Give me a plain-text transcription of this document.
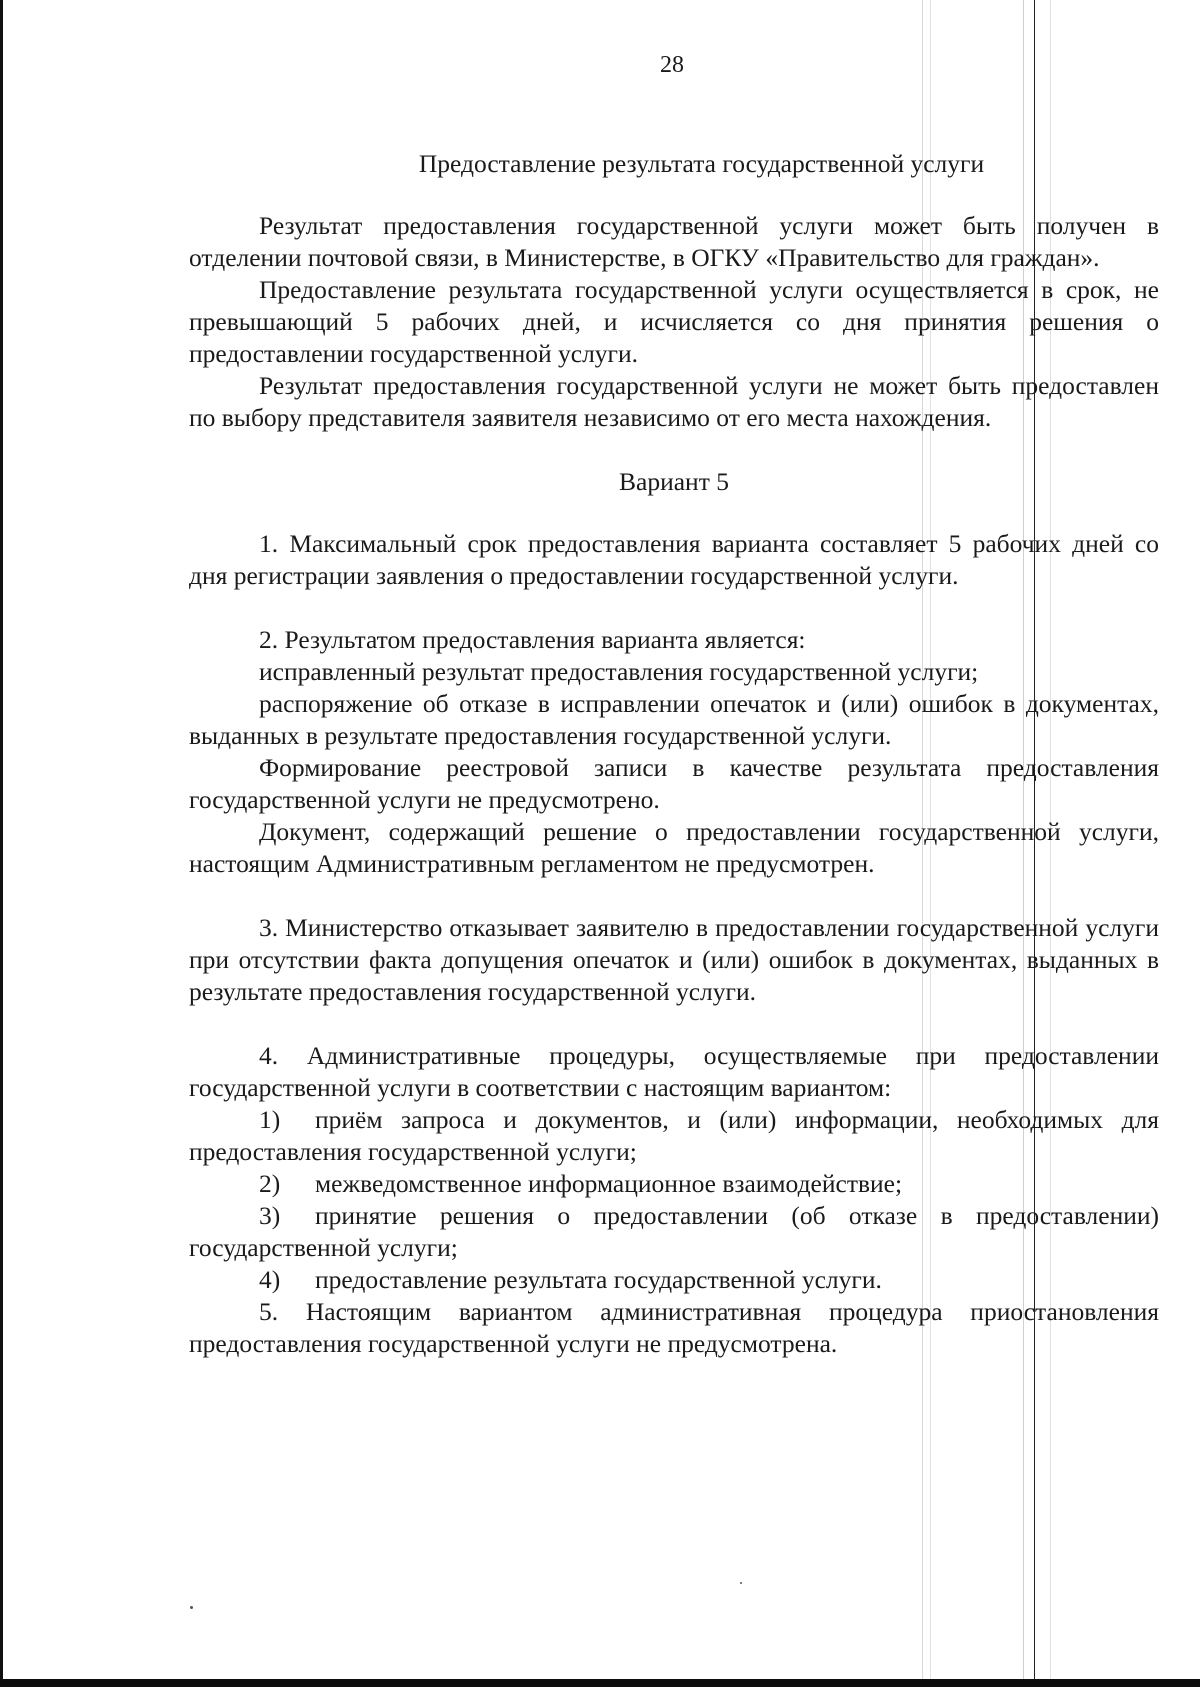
28
Предоставление результата государственной услуги

Результат предоставления государственной услуги может быть получен в отделении почтовой связи, в Министерстве, в ОГКУ «Правительство для граждан».

Предоставление результата государственной услуги осуществляется в срок, не превышающий 5 рабочих дней, и исчисляется со дня принятия решения о предоставлении государственной услуги.

Результат предоставления государственной услуги не может быть предоставлен по выбору представителя заявителя независимо от его места нахождения.

Вариант 5

1. Максимальный срок предоставления варианта составляет 5 рабочих дней со дня регистрации заявления о предоставлении государственной услуги.

2. Результатом предоставления варианта является:

исправленный результат предоставления государственной услуги;

распоряжение об отказе в исправлении опечаток и (или) ошибок в документах, выданных в результате предоставления государственной услуги.

Формирование реестровой записи в качестве результата предоставления государственной услуги не предусмотрено.

Документ, содержащий решение о предоставлении государственной услуги, настоящим Административным регламентом не предусмотрен.

3. Министерство отказывает заявителю в предоставлении государственной услуги при отсутствии факта допущения опечаток и (или) ошибок в документах, выданных в результате предоставления государственной услуги.

4. Административные процедуры, осуществляемые при предоставлении государственной услуги в соответствии с настоящим вариантом:

1) приём запроса и документов, и (или) информации, необходимых для предоставления государственной услуги;

2) межведомственное информационное взаимодействие;

3) принятие решения о предоставлении (об отказе в предоставлении) государственной услуги;

4) предоставление результата государственной услуги.

5. Настоящим вариантом административная процедура приостановления предоставления государственной услуги не предусмотрена.
